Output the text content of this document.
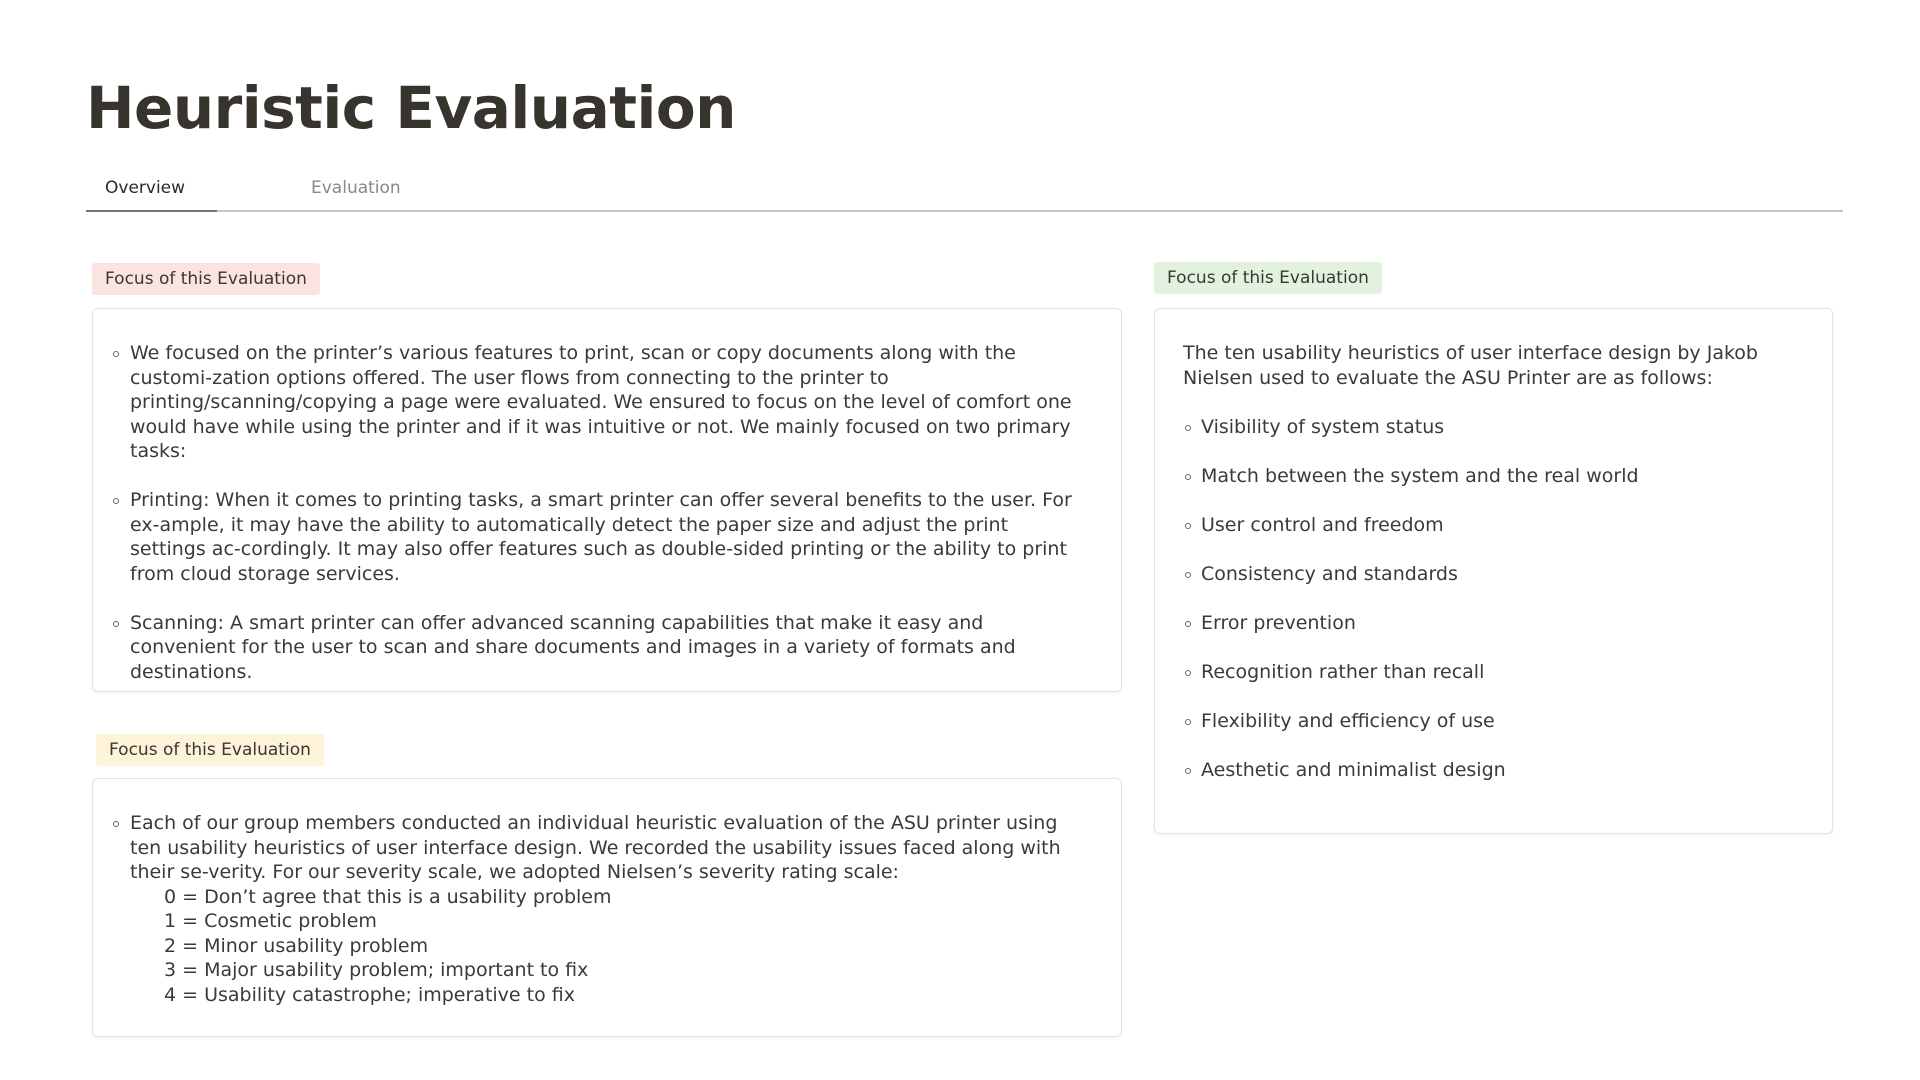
Heuristic Evaluation
Overview	Evaluation
Focus of this Evaluation
We focused on the printer’s various features to print, scan or copy documents along with the customi-zation options offered. The user flows from connecting to the printer to printing/scanning/copying a page were evaluated. We ensured to focus on the level of comfort one would have while using the printer and if it was intuitive or not. We mainly focused on two primary tasks:
Printing: When it comes to printing tasks, a smart printer can offer several benefits to the user. For ex-ample, it may have the ability to automatically detect the paper size and adjust the print settings ac-cordingly. It may also offer features such as double-sided printing or the ability to print from cloud storage services.
Scanning: A smart printer can offer advanced scanning capabilities that make it easy and convenient for the user to scan and share documents and images in a variety of formats and destinations.
Focus of this Evaluation
Each of our group members conducted an individual heuristic evaluation of the ASU printer using ten usability heuristics of user interface design. We recorded the usability issues faced along with their se-verity. For our severity scale, we adopted Nielsen’s severity rating scale:
0 = Don’t agree that this is a usability problem
1 = Cosmetic problem
2 = Minor usability problem
3 = Major usability problem; important to fix
4 = Usability catastrophe; imperative to fix
Focus of this Evaluation

The ten usability heuristics of user interface design by Jakob Nielsen used to evaluate the ASU Printer are as follows:

Visibility of system status
Match between the system and the real world
User control and freedom
Consistency and standards
Error prevention
Recognition rather than recall
Flexibility and efficiency of use
Aesthetic and minimalist design
